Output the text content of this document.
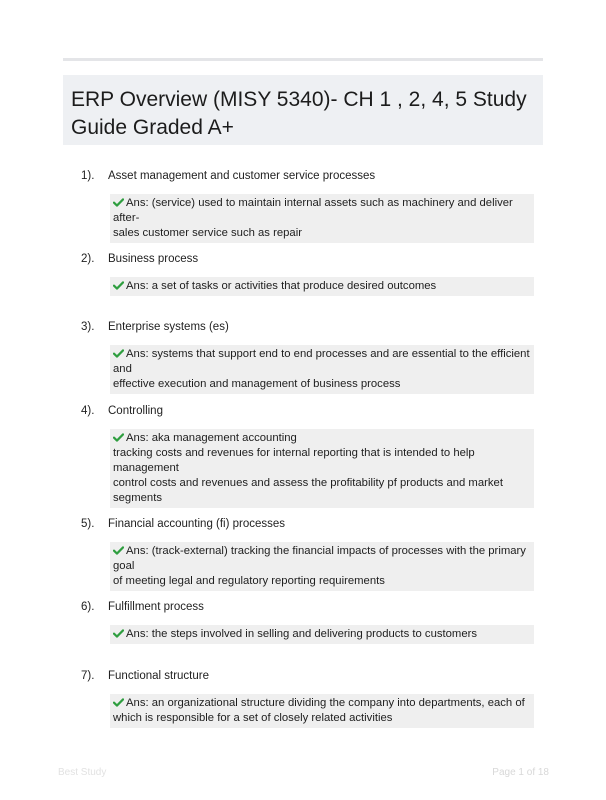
ERP Overview (MISY 5340)- CH 1 , 2, 4, 5 Study Guide Graded A+
1). Asset management and customer service processes
Ans: (service) used to maintain internal assets such as machinery and deliver after-
sales customer service such as repair
2). Business process
Ans: a set of tasks or activities that produce desired outcomes
3). Enterprise systems (es)
Ans: systems that support end to end processes and are essential to the efficient and
effective execution and management of business process
4). Controlling
Ans: aka management accounting
tracking costs and revenues for internal reporting that is intended to help management
control costs and revenues and assess the profitability pf products and market
segments
5). Financial accounting (fi) processes
Ans: (track-external) tracking the financial impacts of processes with the primary goal
of meeting legal and regulatory reporting requirements
6). Fulfillment process
Ans: the steps involved in selling and delivering products to customers
7). Functional structure
Ans: an organizational structure dividing the company into departments, each of
which is responsible for a set of closely related activities
Best Study	Page 1 of 18
